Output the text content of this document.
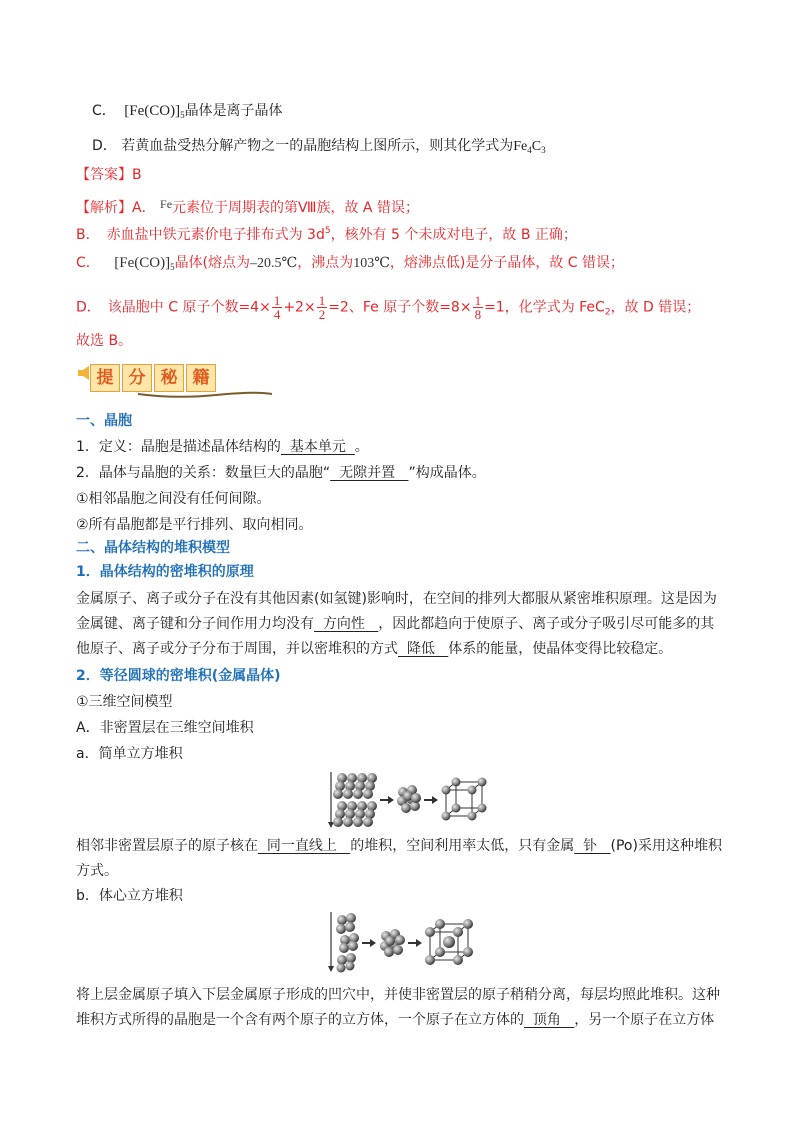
C． $[Fe(CO)]_5$晶体是离子晶体
D． 若黄血盐受热分解产物之一的晶胞结构上图所示，则其化学式为$Fe_4C_3$
【答案】B
【解析】A． Fe元素位于周期表的第Ⅷ族，故 A 错误；
B．　赤血盐中铁元素价电子排布式为 $3d^5$，核外有 5 个未成对电子，故 B 正确；
C． $[Fe(CO)]_5$晶体(熔点为–20.5℃，沸点为103℃，熔沸点低)是分子晶体，故 C 错误；
D．　该晶胞中 C 原子个数$=4\times \frac{1}{4} +2\times \frac{1}{2} =2$、Fe 原子个数$=8\times \frac{1}{8} =1$，化学式为 FeC$_2$，故 D 错误；
故选 B。
提 分 秘 籍
一、晶胞
1．定义：晶胞是描述晶体结构的  基本单元  。
2．晶体与晶胞的关系：数量巨大的晶胞“  无隙并置   ”构成晶体。
①相邻晶胞之间没有任何间隙。
②所有晶胞都是平行排列、取向相同。
二、晶体结构的堆积模型
1．晶体结构的密堆积的原理
金属原子、离子或分子在没有其他因素(如氢键)影响时，在空间的排列大都服从紧密堆积原理。这是因为
金属键、离子键和分子间作用力均没有  方向性   ，因此都趋向于使原子、离子或分子吸引尽可能多的其
他原子、离子或分子分布于周围，并以密堆积的方式  降低   体系的能量，使晶体变得比较稳定。
2．等径圆球的密堆积(金属晶体)
①三维空间模型
A．非密置层在三维空间堆积
a．简单立方堆积
相邻非密置层原子的原子核在  同一直线上   的堆积，空间利用率太低，只有金属  钋   (Po)采用这种堆积
方式。
b．体心立方堆积
将上层金属原子填入下层金属原子形成的凹穴中，并使非密置层的原子稍稍分离，每层均照此堆积。这种
堆积方式所得的晶胞是一个含有两个原子的立方体，一个原子在立方体的  顶角   ，另一个原子在立方体
